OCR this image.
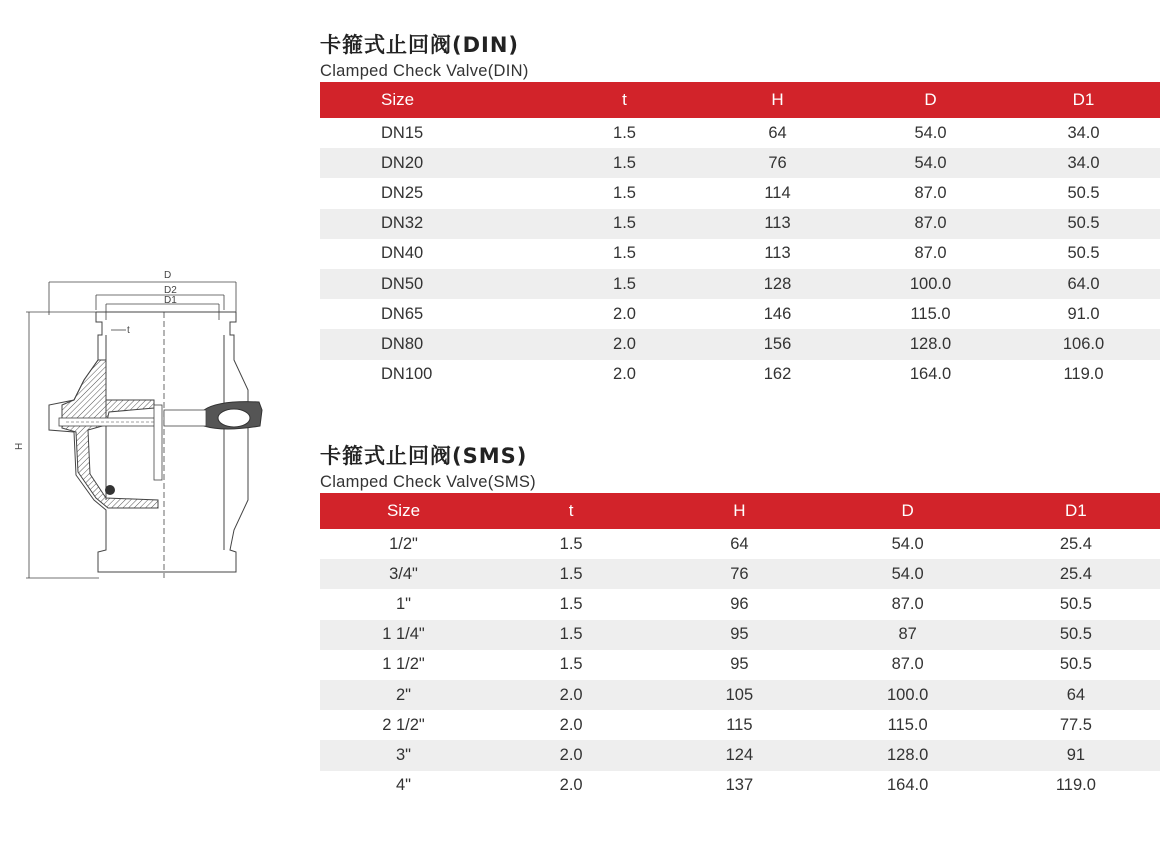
D
D2
D1
t
H
卡箍式止回阀(DIN)
Clamped Check Valve(DIN)
Size	t	H	D	D1
DN15	1.5	64	54.0	34.0
DN20	1.5	76	54.0	34.0
DN25	1.5	114	87.0	50.5
DN32	1.5	113	87.0	50.5
DN40	1.5	113	87.0	50.5
DN50	1.5	128	100.0	64.0
DN65	2.0	146	115.0	91.0
DN80	2.0	156	128.0	106.0
DN100	2.0	162	164.0	119.0
卡箍式止回阀(SMS)
Clamped Check Valve(SMS)
Size	t	H	D	D1
1/2"	1.5	64	54.0	25.4
3/4"	1.5	76	54.0	25.4
1"	1.5	96	87.0	50.5
1 1/4"	1.5	95	87	50.5
1 1/2"	1.5	95	87.0	50.5
2"	2.0	105	100.0	64
2 1/2"	2.0	115	115.0	77.5
3"	2.0	124	128.0	91
4"	2.0	137	164.0	119.0
